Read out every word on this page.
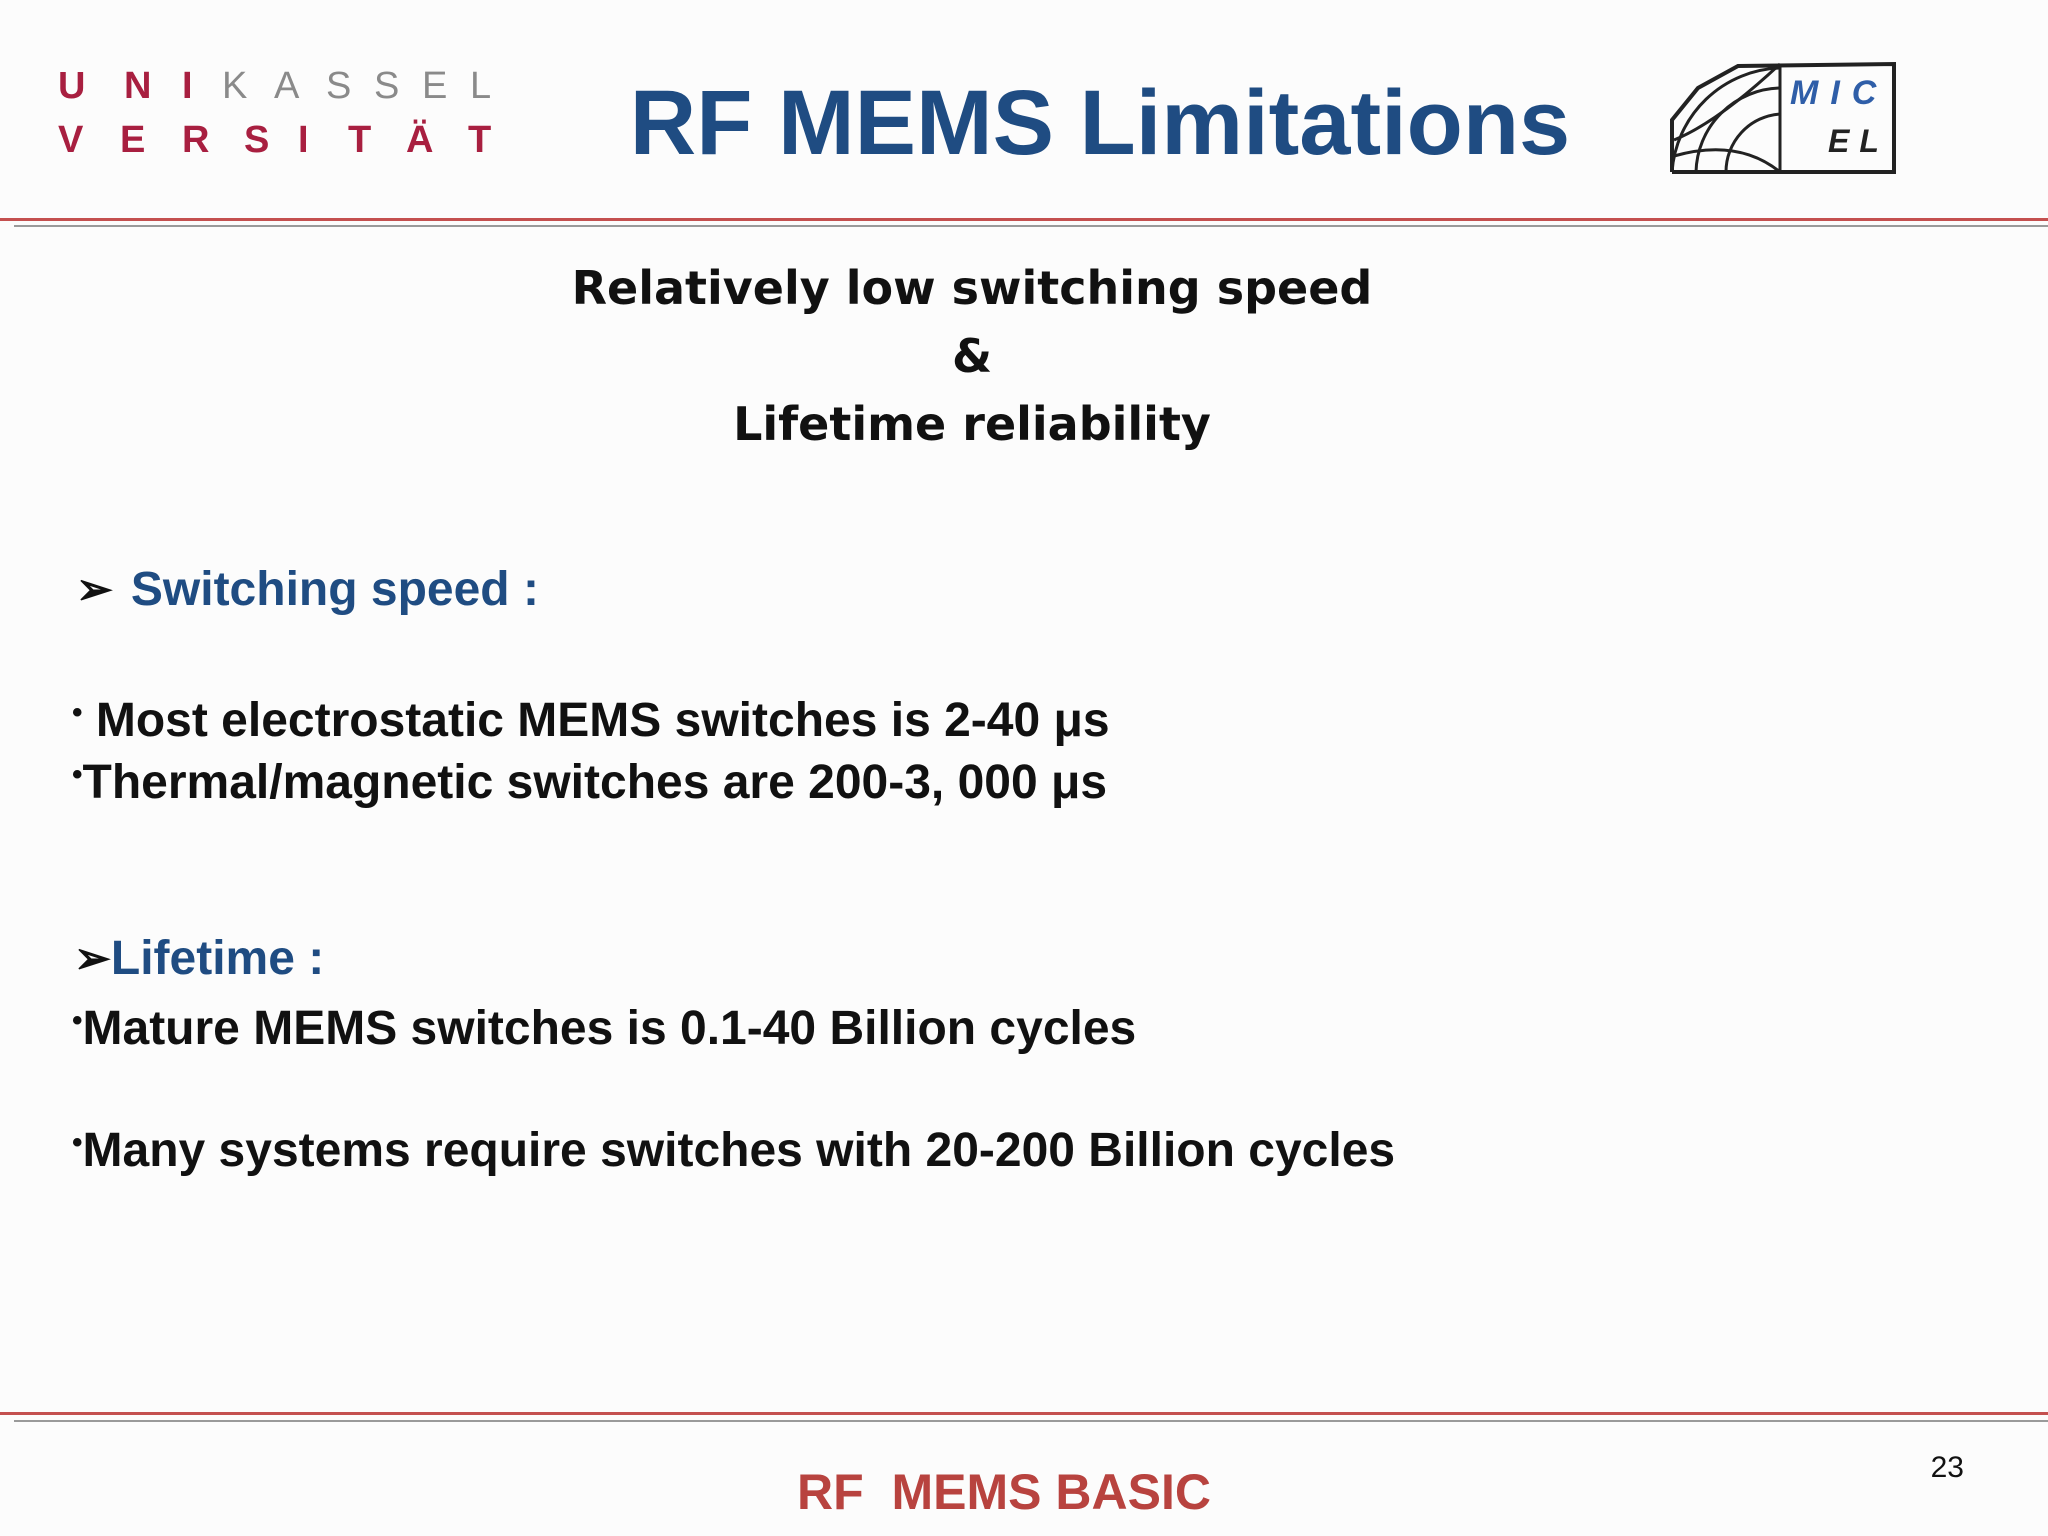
U	N I K A S S E L
V E R S I	T Ä T	RF MEMS Limitations	MIC
EL
Relatively low switching speed
&
Lifetime reliability
➢ Switching speed :
• Most electrostatic MEMS switches is 2-40 μs
•Thermal/magnetic switches are 200-3, 000 μs
➢ Lifetime :
•Mature MEMS switches is 0.1-40 Billion cycles
•Many systems require switches with 20-200 Billion cycles
RF  MEMS BASIC	23
